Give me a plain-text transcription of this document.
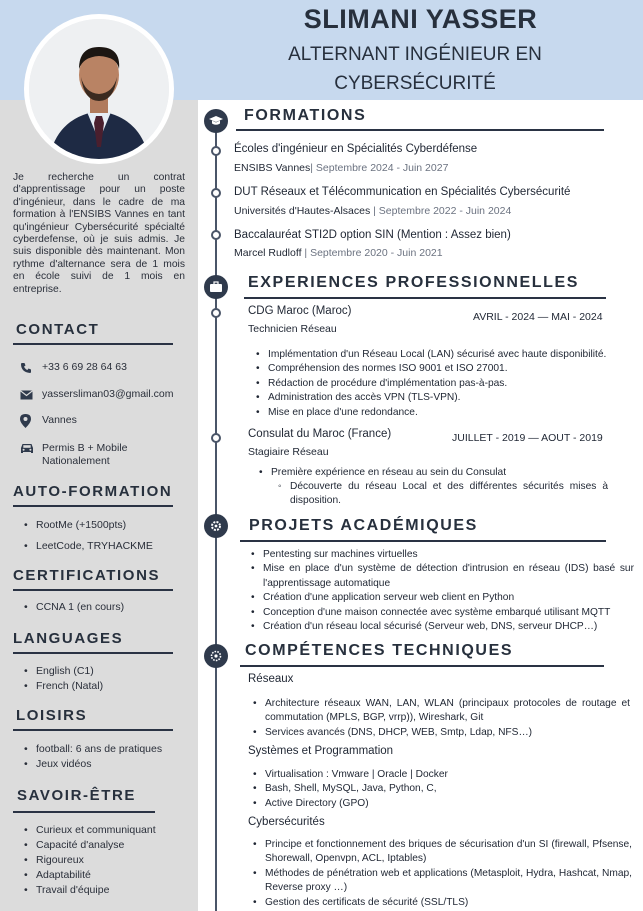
SLIMANI YASSER
ALTERNANT INGÉNIEUR EN
CYBERSÉCURITÉ
Je recherche un contrat d'apprentissage pour un poste d'ingénieur, dans le cadre de ma formation à l'ENSIBS Vannes en tant qu'ingénieur Cybersécurité spécialté cyberdefense, où je suis admis. Je suis disponible dès maintenant. Mon rythme d'alternance sera de 1 mois en école suivi de 1 mois en entreprise.
CONTACT
+33 6 69 28 64 63
yassersliman03@gmail.com
Vannes
Permis B + Mobile
Nationalement
AUTO-FORMATION
• RootMe (+1500pts)
• LeetCode, TRYHACKME
CERTIFICATIONS
• CCNA 1 (en cours)
LANGUAGES
• English (C1)
• French (Natal)
LOISIRS
• football: 6 ans de pratiques
• Jeux vidéos
SAVOIR-ÊTRE
• Curieux et communiquant
• Capacité d'analyse
• Rigoureux
• Adaptabilité
• Travail d'équipe
FORMATIONS
Écoles d'ingénieur en Spécialités Cyberdéfense
ENSIBS Vannes| Septembre 2024 - Juin 2027
DUT Réseaux et Télécommunication en Spécialités Cybersécurité
Universités d'Hautes-Alsaces | Septembre 2022 - Juin 2024
Baccalauréat STI2D option SIN (Mention : Assez bien)
Marcel Rudloff | Septembre 2020 - Juin 2021
EXPERIENCES PROFESSIONNELLES
CDG Maroc (Maroc)
Technicien Réseau
AVRIL - 2024 — MAI - 2024
• Implémentation d'un Réseau Local (LAN) sécurisé avec haute disponibilité.
• Compréhension des normes ISO 9001 et ISO 27001.
• Rédaction de procédure d'implémentation pas-à-pas.
• Administration des accès VPN (TLS-VPN).
• Mise en place d'une redondance.
Consulat du Maroc (France)
Stagiaire Réseau
JUILLET - 2019 — AOUT - 2019
• Première expérience en réseau au sein du Consulat
◦ Découverte du réseau Local et des différentes sécurités mises à disposition.
PROJETS ACADÉMIQUES
• Pentesting sur machines virtuelles
• Mise en place d'un système de détection d'intrusion en réseau (IDS) basé sur l'apprentissage automatique
• Création d'une application serveur web client en Python
• Conception d'une maison connectée avec système embarqué utilisant MQTT
• Création d'un réseau local sécurisé (Serveur web, DNS, serveur DHCP…)
COMPÉTENCES TECHNIQUES
Réseaux
• Architecture réseaux WAN, LAN, WLAN (principaux protocoles de routage et commutation (MPLS, BGP, vrrp)), Wireshark, Git
• Services avancés (DNS, DHCP, WEB, Smtp, Ldap, NFS…)
Systèmes et Programmation
• Virtualisation : Vmware | Oracle | Docker
• Bash, Shell, MySQL, Java, Python, C,
• Active Directory (GPO)
Cybersécurités
• Principe et fonctionnement des briques de sécurisation d'un SI (firewall, Pfsense, Shorewall, Openvpn, ACL, Iptables)
• Méthodes de pénétration web et applications (Metasploit, Hydra, Hashcat, Nmap, Reverse proxy …)
• Gestion des certificats de sécurité (SSL/TLS)
